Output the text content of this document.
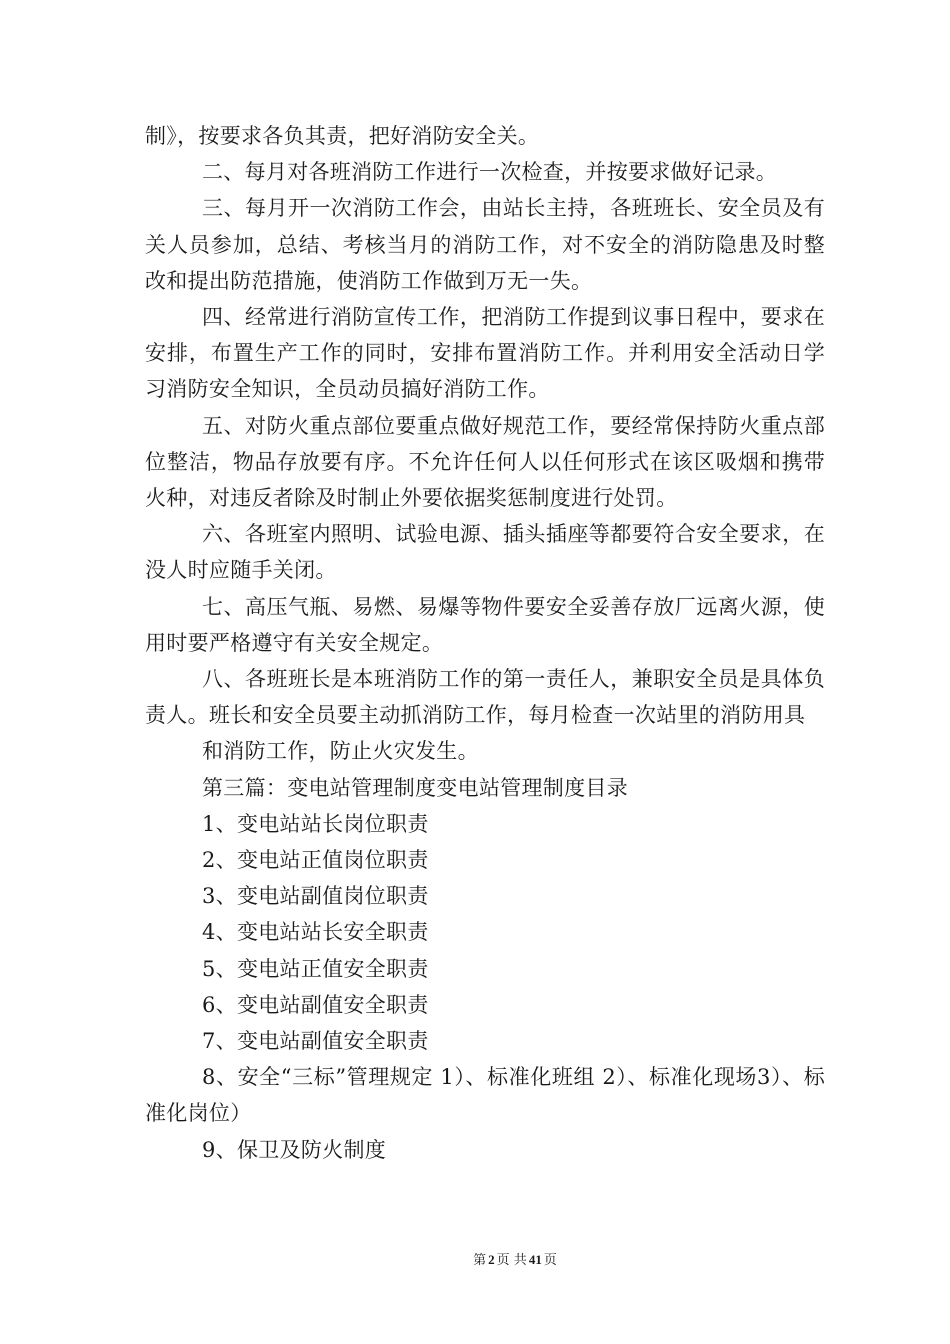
制》，按要求各负其责，把好消防安全关。

二、每月对各班消防工作进行一次检查，并按要求做好记录。

三、每月开一次消防工作会，由站长主持，各班班长、安全员及有关人员参加，总结、考核当月的消防工作，对不安全的消防隐患及时整改和提出防范措施，使消防工作做到万无一失。

四、经常进行消防宣传工作，把消防工作提到议事日程中，要求在安排，布置生产工作的同时，安排布置消防工作。并利用安全活动日学习消防安全知识，全员动员搞好消防工作。

五、对防火重点部位要重点做好规范工作，要经常保持防火重点部位整洁，物品存放要有序。不允许任何人以任何形式在该区吸烟和携带火种，对违反者除及时制止外要依据奖惩制度进行处罚。

六、各班室内照明、试验电源、插头插座等都要符合安全要求，在没人时应随手关闭。

七、高压气瓶、易燃、易爆等物件要安全妥善存放厂远离火源，使用时要严格遵守有关安全规定。

八、各班班长是本班消防工作的第一责任人，兼职安全员是具体负责人。班长和安全员要主动抓消防工作，每月检查一次站里的消防用具

和消防工作，防止火灾发生。

第三篇：变电站管理制度变电站管理制度目录

1、变电站站长岗位职责

2、变电站正值岗位职责

3、变电站副值岗位职责

4、变电站站长安全职责

5、变电站正值安全职责

6、变电站副值安全职责

7、变电站副值安全职责

8、安全“三标”管理规定 1）、标准化班组 2）、标准化现场3）、标准化岗位）

9、保卫及防火制度

第 2 页 共 41 页
